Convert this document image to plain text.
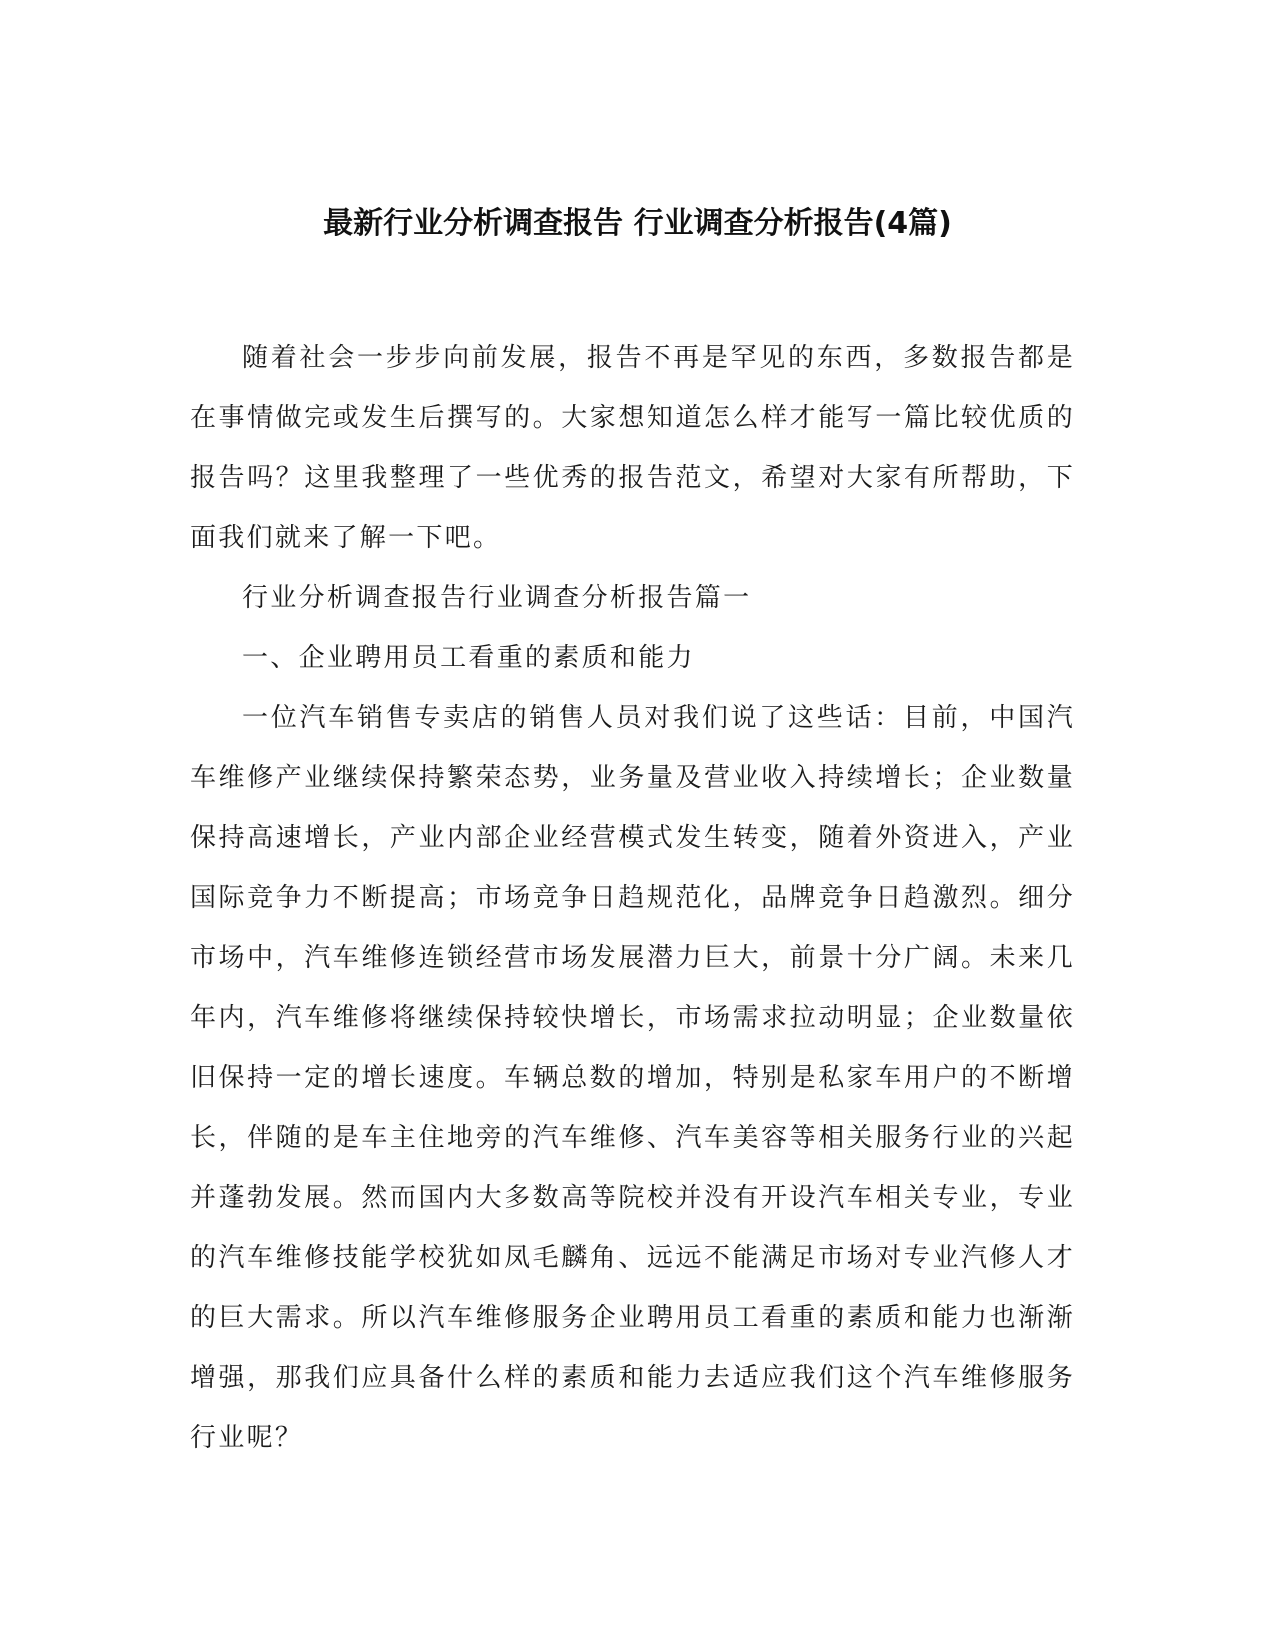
最新行业分析调查报告 行业调查分析报告(4篇)

随着社会一步步向前发展，报告不再是罕见的东西，多数报告都是在事情做完或发生后撰写的。大家想知道怎么样才能写一篇比较优质的报告吗？这里我整理了一些优秀的报告范文，希望对大家有所帮助，下面我们就来了解一下吧。

行业分析调查报告行业调查分析报告篇一

一、企业聘用员工看重的素质和能力

一位汽车销售专卖店的销售人员对我们说了这些话：目前，中国汽车维修产业继续保持繁荣态势，业务量及营业收入持续增长；企业数量保持高速增长，产业内部企业经营模式发生转变，随着外资进入，产业国际竞争力不断提高；市场竞争日趋规范化，品牌竞争日趋激烈。细分市场中，汽车维修连锁经营市场发展潜力巨大，前景十分广阔。未来几年内，汽车维修将继续保持较快增长，市场需求拉动明显；企业数量依旧保持一定的增长速度。车辆总数的增加，特别是私家车用户的不断增长，伴随的是车主住地旁的汽车维修、汽车美容等相关服务行业的兴起并蓬勃发展。然而国内大多数高等院校并没有开设汽车相关专业，专业的汽车维修技能学校犹如凤毛麟角、远远不能满足市场对专业汽修人才的巨大需求。所以汽车维修服务企业聘用员工看重的素质和能力也渐渐增强，那我们应具备什么样的素质和能力去适应我们这个汽车维修服务行业呢？
